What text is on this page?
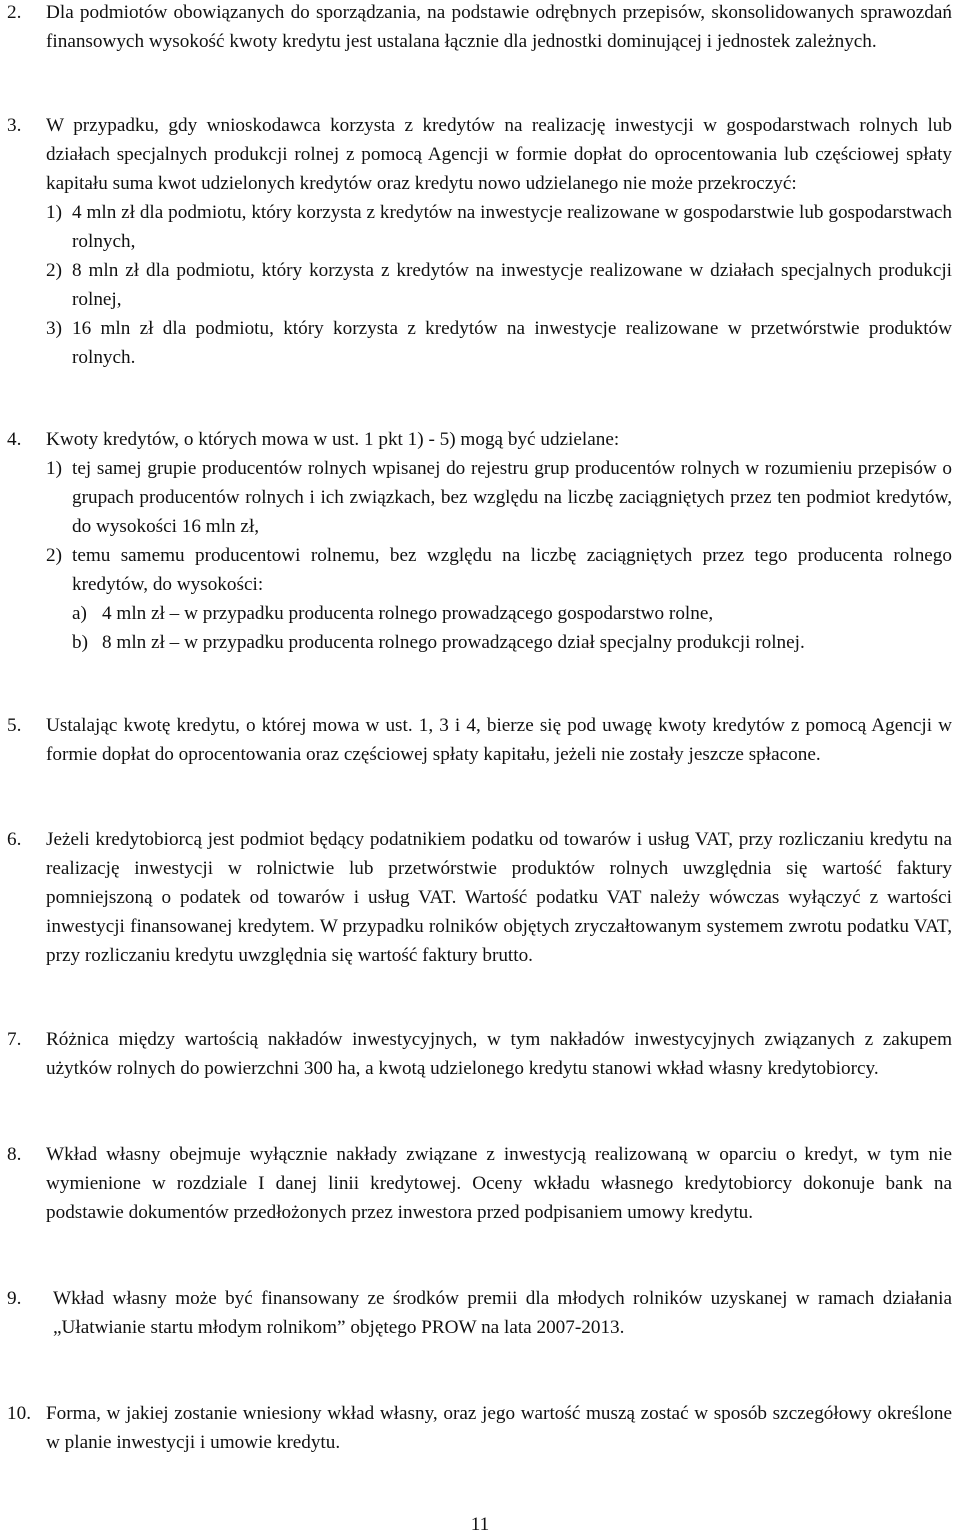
2. Dla podmiotów obowiązanych do sporządzania, na podstawie odrębnych przepisów, skonsolidowanych sprawozdań finansowych wysokość kwoty kredytu jest ustalana łącznie dla jednostki dominującej i jednostek zależnych.
3. W przypadku, gdy wnioskodawca korzysta z kredytów na realizację inwestycji w gospodarstwach rolnych lub działach specjalnych produkcji rolnej z pomocą Agencji w formie dopłat do oprocentowania lub częściowej spłaty kapitału suma kwot udzielonych kredytów oraz kredytu nowo udzielanego nie może przekroczyć:
1) 4 mln zł dla podmiotu, który korzysta z kredytów na inwestycje realizowane w gospodarstwie lub gospodarstwach rolnych,
2) 8 mln zł dla podmiotu, który korzysta z kredytów na inwestycje realizowane w działach specjalnych produkcji rolnej,
3) 16 mln zł dla podmiotu, który korzysta z kredytów na inwestycje realizowane w przetwórstwie produktów rolnych.
4. Kwoty kredytów, o których mowa w ust. 1 pkt 1) - 5) mogą być udzielane:
1) tej samej grupie producentów rolnych wpisanej do rejestru grup producentów rolnych w rozumieniu przepisów o grupach producentów rolnych i ich związkach, bez względu na liczbę zaciągniętych przez ten podmiot kredytów, do wysokości 16 mln zł,
2) temu samemu producentowi rolnemu, bez względu na liczbę zaciągniętych przez tego producenta rolnego kredytów, do wysokości:
a) 4 mln zł – w przypadku producenta rolnego prowadzącego gospodarstwo rolne,
b) 8 mln zł – w przypadku producenta rolnego prowadzącego dział specjalny produkcji rolnej.
5. Ustalając kwotę kredytu, o której mowa w ust. 1, 3 i 4, bierze się pod uwagę kwoty kredytów z pomocą Agencji w formie dopłat do oprocentowania oraz częściowej spłaty kapitału, jeżeli nie zostały jeszcze spłacone.
6. Jeżeli kredytobiorcą jest podmiot będący podatnikiem podatku od towarów i usług VAT, przy rozliczaniu kredytu na realizację inwestycji w rolnictwie lub przetwórstwie produktów rolnych uwzględnia się wartość faktury pomniejszoną o podatek od towarów i usług VAT. Wartość podatku VAT należy wówczas wyłączyć z wartości inwestycji finansowanej kredytem. W przypadku rolników objętych zryczałtowanym systemem zwrotu podatku VAT, przy rozliczaniu kredytu uwzględnia się wartość faktury brutto.
7. Różnica między wartością nakładów inwestycyjnych, w tym nakładów inwestycyjnych związanych z zakupem użytków rolnych do powierzchni 300 ha, a kwotą udzielonego kredytu stanowi wkład własny kredytobiorcy.
8. Wkład własny obejmuje wyłącznie nakłady związane z inwestycją realizowaną w oparciu o kredyt, w tym nie wymienione w rozdziale I danej linii kredytowej. Oceny wkładu własnego kredytobiorcy dokonuje bank na podstawie dokumentów przedłożonych przez inwestora przed podpisaniem umowy kredytu.
9. Wkład własny może być finansowany ze środków premii dla młodych rolników uzyskanej w ramach działania „Ułatwianie startu młodym rolnikom” objętego PROW na lata 2007-2013.
10. Forma, w jakiej zostanie wniesiony wkład własny, oraz jego wartość muszą zostać w sposób szczegółowy określone w planie inwestycji i umowie kredytu.
11
